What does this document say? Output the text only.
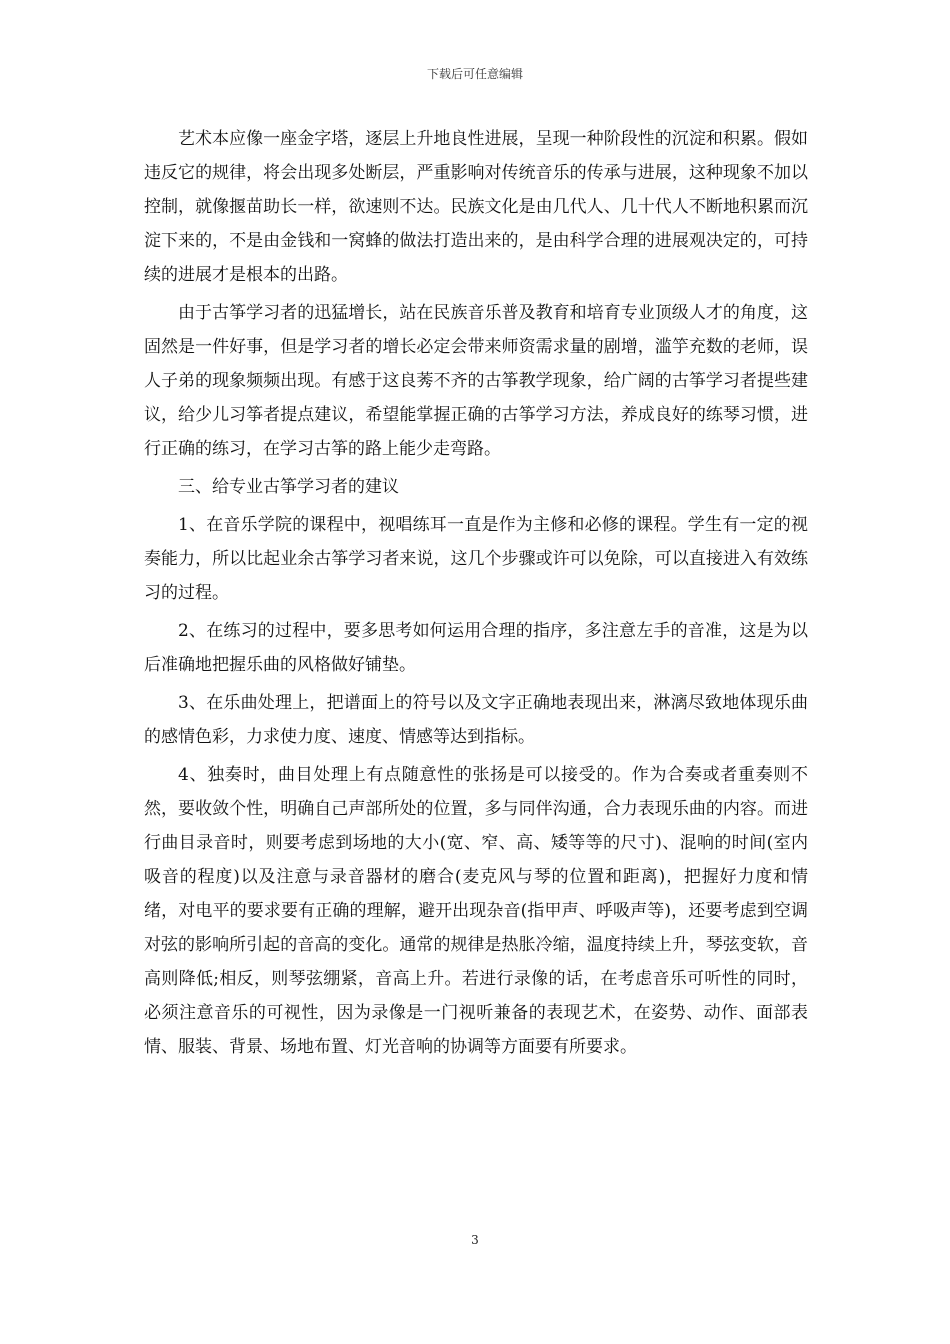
下载后可任意编辑

艺术本应像一座金字塔，逐层上升地良性进展，呈现一种阶段性的沉淀和积累。假如违反它的规律，将会出现多处断层，严重影响对传统音乐的传承与进展，这种现象不加以控制，就像揠苗助长一样，欲速则不达。民族文化是由几代人、几十代人不断地积累而沉淀下来的，不是由金钱和一窝蜂的做法打造出来的，是由科学合理的进展观决定的，可持续的进展才是根本的出路。

由于古筝学习者的迅猛增长，站在民族音乐普及教育和培育专业顶级人才的角度，这固然是一件好事，但是学习者的增长必定会带来师资需求量的剧增，滥竽充数的老师，误人子弟的现象频频出现。有感于这良莠不齐的古筝教学现象，给广阔的古筝学习者提些建议，给少儿习筝者提点建议，希望能掌握正确的古筝学习方法，养成良好的练琴习惯，进行正确的练习，在学习古筝的路上能少走弯路。

三、给专业古筝学习者的建议

1、在音乐学院的课程中，视唱练耳一直是作为主修和必修的课程。学生有一定的视奏能力，所以比起业余古筝学习者来说，这几个步骤或许可以免除，可以直接进入有效练习的过程。

2、在练习的过程中，要多思考如何运用合理的指序，多注意左手的音准，这是为以后准确地把握乐曲的风格做好铺垫。

3、在乐曲处理上，把谱面上的符号以及文字正确地表现出来，淋漓尽致地体现乐曲的感情色彩，力求使力度、速度、情感等达到指标。

4、独奏时，曲目处理上有点随意性的张扬是可以接受的。作为合奏或者重奏则不然，要收敛个性，明确自己声部所处的位置，多与同伴沟通，合力表现乐曲的内容。而进行曲目录音时，则要考虑到场地的大小(宽、窄、高、矮等等的尺寸)、混响的时间(室内吸音的程度)以及注意与录音器材的磨合(麦克风与琴的位置和距离)，把握好力度和情绪，对电平的要求要有正确的理解，避开出现杂音(指甲声、呼吸声等)，还要考虑到空调对弦的影响所引起的音高的变化。通常的规律是热胀冷缩，温度持续上升，琴弦变软，音高则降低;相反，则琴弦绷紧，音高上升。若进行录像的话，在考虑音乐可听性的同时，必须注意音乐的可视性，因为录像是一门视听兼备的表现艺术，在姿势、动作、面部表情、服装、背景、场地布置、灯光音响的协调等方面要有所要求。

3
